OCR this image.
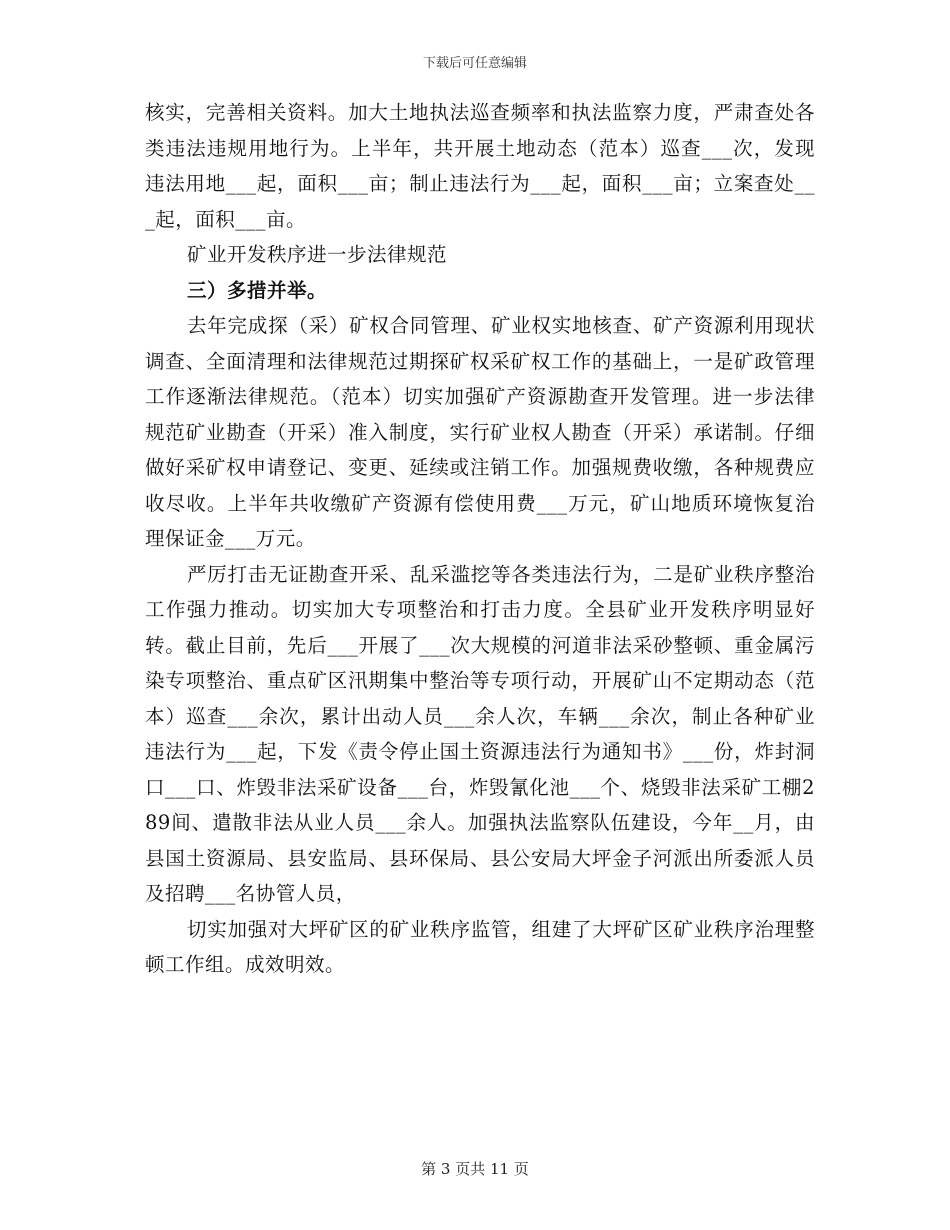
下载后可任意编辑

核实，完善相关资料。加大土地执法巡查频率和执法监察力度，严肃查处各类违法违规用地行为。上半年，共开展土地动态（范本）巡查___次，发现违法用地___起，面积___亩；制止违法行为___起，面积___亩；立案查处___起，面积___亩。

矿业开发秩序进一步法律规范

三）多措并举。

去年完成探（采）矿权合同管理、矿业权实地核查、矿产资源利用现状调查、全面清理和法律规范过期探矿权采矿权工作的基础上，一是矿政管理工作逐渐法律规范。（范本）切实加强矿产资源勘查开发管理。进一步法律规范矿业勘查（开采）准入制度，实行矿业权人勘查（开采）承诺制。仔细做好采矿权申请登记、变更、延续或注销工作。加强规费收缴，各种规费应收尽收。上半年共收缴矿产资源有偿使用费___万元，矿山地质环境恢复治理保证金___万元。

严厉打击无证勘查开采、乱采滥挖等各类违法行为，二是矿业秩序整治工作强力推动。切实加大专项整治和打击力度。全县矿业开发秩序明显好转。截止目前，先后___开展了___次大规模的河道非法采砂整顿、重金属污染专项整治、重点矿区汛期集中整治等专项行动，开展矿山不定期动态（范本）巡查___余次，累计出动人员___余人次，车辆___余次，制止各种矿业违法行为___起，下发《责令停止国土资源违法行为通知书》___份，炸封洞口___口、炸毁非法采矿设备___台，炸毁氰化池___个、烧毁非法采矿工棚289间、遣散非法从业人员___余人。加强执法监察队伍建设，今年__月，由县国土资源局、县安监局、县环保局、县公安局大坪金子河派出所委派人员及招聘___名协管人员，

切实加强对大坪矿区的矿业秩序监管，组建了大坪矿区矿业秩序治理整顿工作组。成效明效。

第 3 页共 11 页
